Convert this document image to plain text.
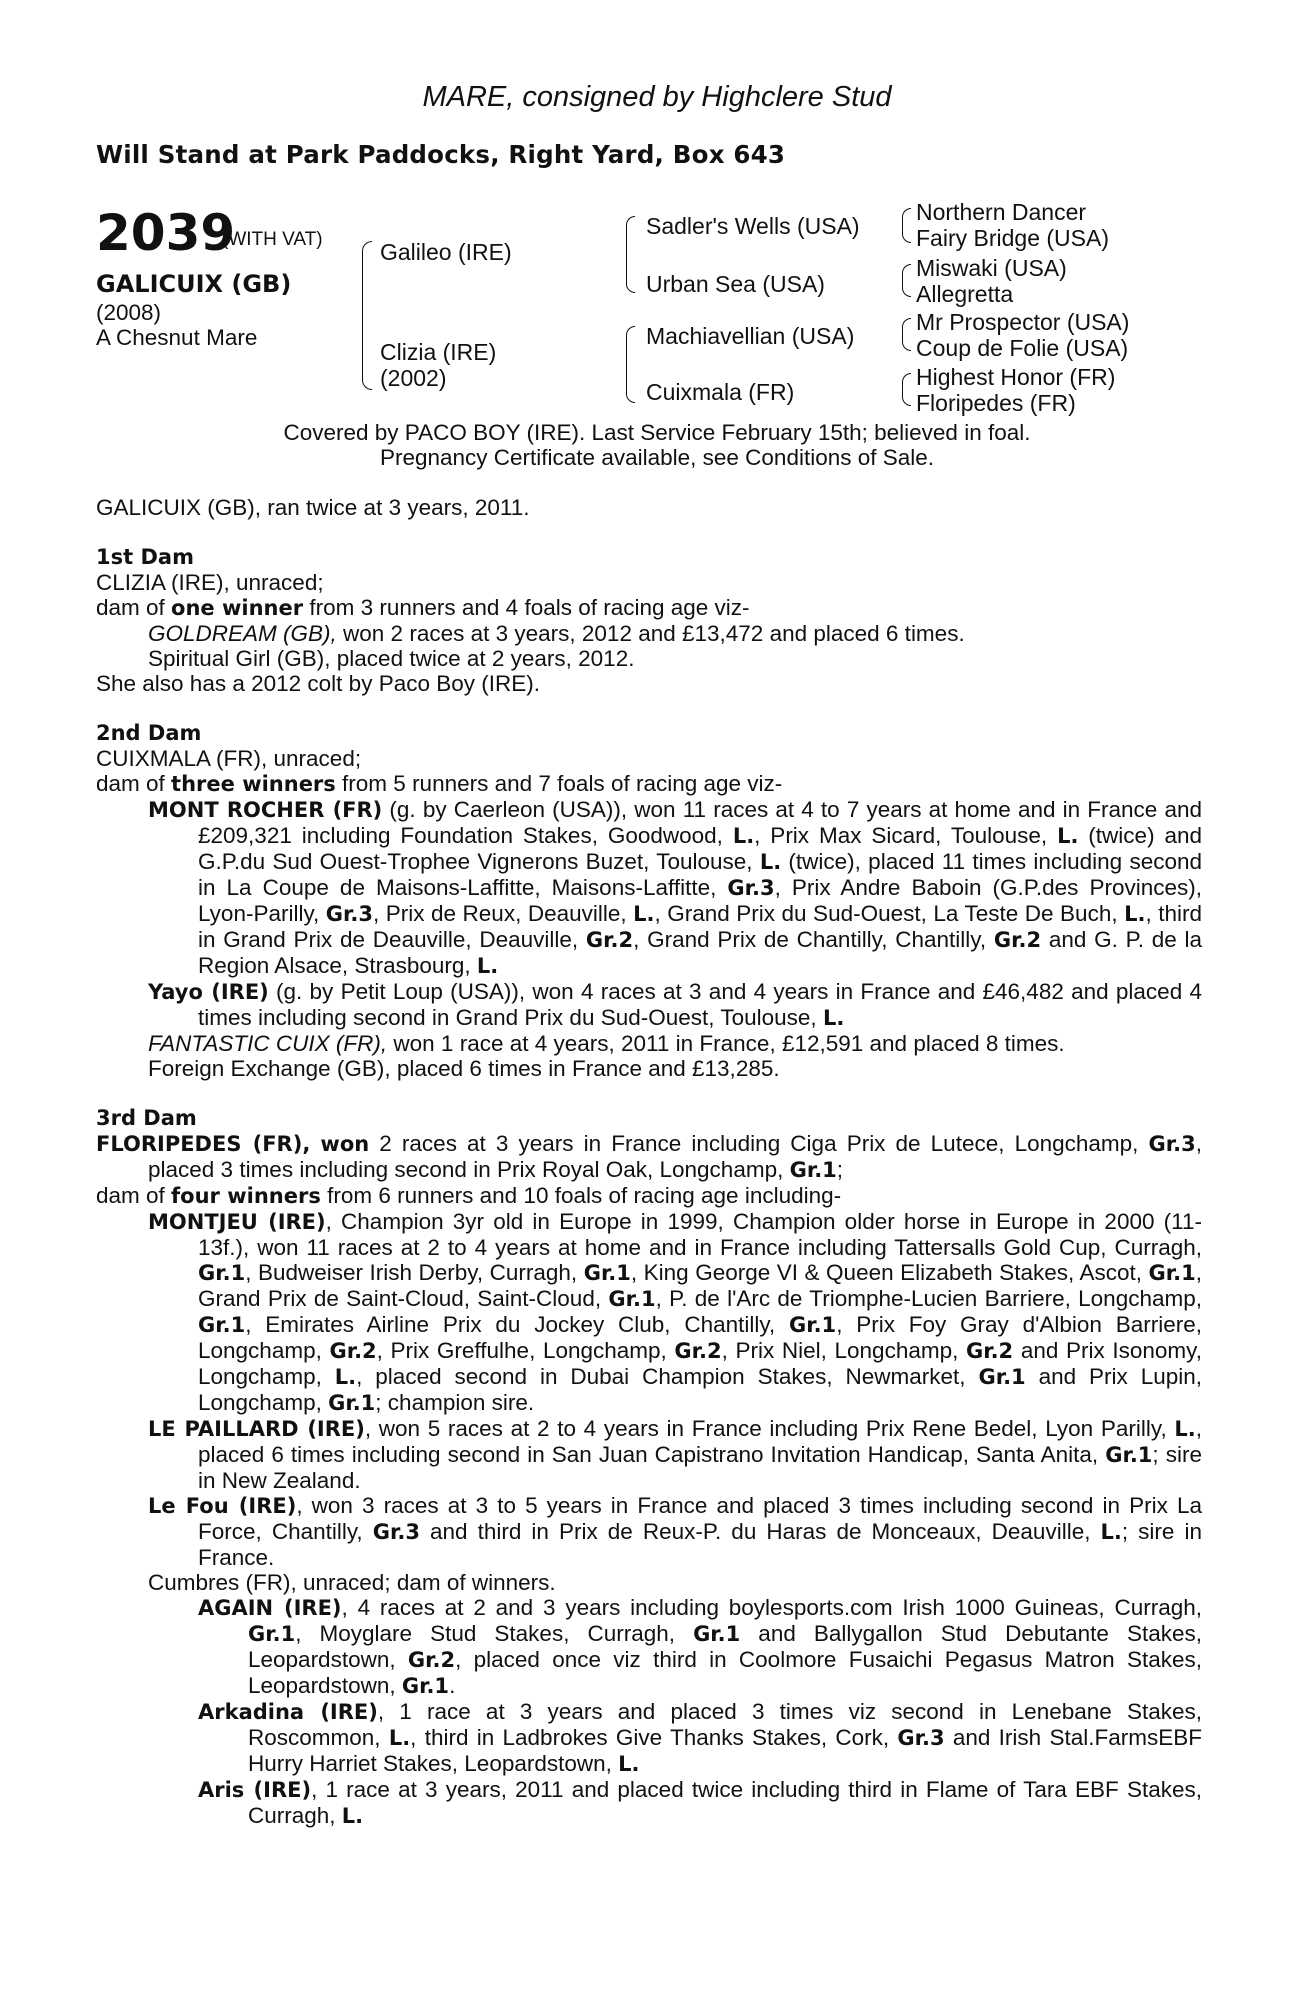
MARE, consigned by Highclere Stud
Will Stand at Park Paddocks, Right Yard, Box 643
2039
(WITH VAT)
GALICUIX (GB)
(2008)
A Chesnut Mare
Galileo (IRE)
Clizia (IRE)
(2002)
Sadler's Wells (USA)
Urban Sea (USA)
Machiavellian (USA)
Cuixmala (FR)
Northern Dancer
Fairy Bridge (USA)
Miswaki (USA)
Allegretta
Mr Prospector (USA)
Coup de Folie (USA)
Highest Honor (FR)
Floripedes (FR)
Covered by PACO BOY (IRE). Last Service February 15th; believed in foal.
Pregnancy Certificate available, see Conditions of Sale.

GALICUIX (GB), ran twice at 3 years, 2011.

1st Dam

CLIZIA (IRE), unraced;

dam of one winner from 3 runners and 4 foals of racing age viz-

GOLDREAM (GB), won 2 races at 3 years, 2012 and £13,472 and placed 6 times.

Spiritual Girl (GB), placed twice at 2 years, 2012.

She also has a 2012 colt by Paco Boy (IRE).

2nd Dam

CUIXMALA (FR), unraced;

dam of three winners from 5 runners and 7 foals of racing age viz-

MONT ROCHER (FR) (g. by Caerleon (USA)), won 11 races at 4 to 7 years at home and in France and £209,321 including Foundation Stakes, Goodwood, L., Prix Max Sicard, Toulouse, L. (twice) and G.P.du Sud Ouest-Trophee Vignerons Buzet, Toulouse, L. (twice), placed 11 times including second in La Coupe de Maisons-Laffitte, Maisons-Laffitte, Gr.3, Prix Andre Baboin (G.P.des Provinces), Lyon-Parilly, Gr.3, Prix de Reux, Deauville, L., Grand Prix du Sud-Ouest, La Teste De Buch, L., third in Grand Prix de Deauville, Deauville, Gr.2, Grand Prix de Chantilly, Chantilly, Gr.2 and G. P. de la Region Alsace, Strasbourg, L.

Yayo (IRE) (g. by Petit Loup (USA)), won 4 races at 3 and 4 years in France and £46,482 and placed 4 times including second in Grand Prix du Sud-Ouest, Toulouse, L.

FANTASTIC CUIX (FR), won 1 race at 4 years, 2011 in France, £12,591 and placed 8 times.

Foreign Exchange (GB), placed 6 times in France and £13,285.

3rd Dam

FLORIPEDES (FR), won 2 races at 3 years in France including Ciga Prix de Lutece, Longchamp, Gr.3, placed 3 times including second in Prix Royal Oak, Longchamp, Gr.1;

dam of four winners from 6 runners and 10 foals of racing age including-

MONTJEU (IRE), Champion 3yr old in Europe in 1999, Champion older horse in Europe in 2000 (11-13f.), won 11 races at 2 to 4 years at home and in France including Tattersalls Gold Cup, Curragh, Gr.1, Budweiser Irish Derby, Curragh, Gr.1, King George VI & Queen Elizabeth Stakes, Ascot, Gr.1, Grand Prix de Saint-Cloud, Saint-Cloud, Gr.1, P. de l'Arc de Triomphe-Lucien Barriere, Longchamp, Gr.1, Emirates Airline Prix du Jockey Club, Chantilly, Gr.1, Prix Foy Gray d'Albion Barriere, Longchamp, Gr.2, Prix Greffulhe, Longchamp, Gr.2, Prix Niel, Longchamp, Gr.2 and Prix Isonomy, Longchamp, L., placed second in Dubai Champion Stakes, Newmarket, Gr.1 and Prix Lupin, Longchamp, Gr.1; champion sire.

LE PAILLARD (IRE), won 5 races at 2 to 4 years in France including Prix Rene Bedel, Lyon Parilly, L., placed 6 times including second in San Juan Capistrano Invitation Handicap, Santa Anita, Gr.1; sire in New Zealand.

Le Fou (IRE), won 3 races at 3 to 5 years in France and placed 3 times including second in Prix La Force, Chantilly, Gr.3 and third in Prix de Reux-P. du Haras de Monceaux, Deauville, L.; sire in France.

Cumbres (FR), unraced; dam of winners.

AGAIN (IRE), 4 races at 2 and 3 years including boylesports.com Irish 1000 Guineas, Curragh, Gr.1, Moyglare Stud Stakes, Curragh, Gr.1 and Ballygallon Stud Debutante Stakes, Leopardstown, Gr.2, placed once viz third in Coolmore Fusaichi Pegasus Matron Stakes, Leopardstown, Gr.1.

Arkadina (IRE), 1 race at 3 years and placed 3 times viz second in Lenebane Stakes, Roscommon, L., third in Ladbrokes Give Thanks Stakes, Cork, Gr.3 and Irish Stal.FarmsEBF Hurry Harriet Stakes, Leopardstown, L.

Aris (IRE), 1 race at 3 years, 2011 and placed twice including third in Flame of Tara EBF Stakes, Curragh, L.
